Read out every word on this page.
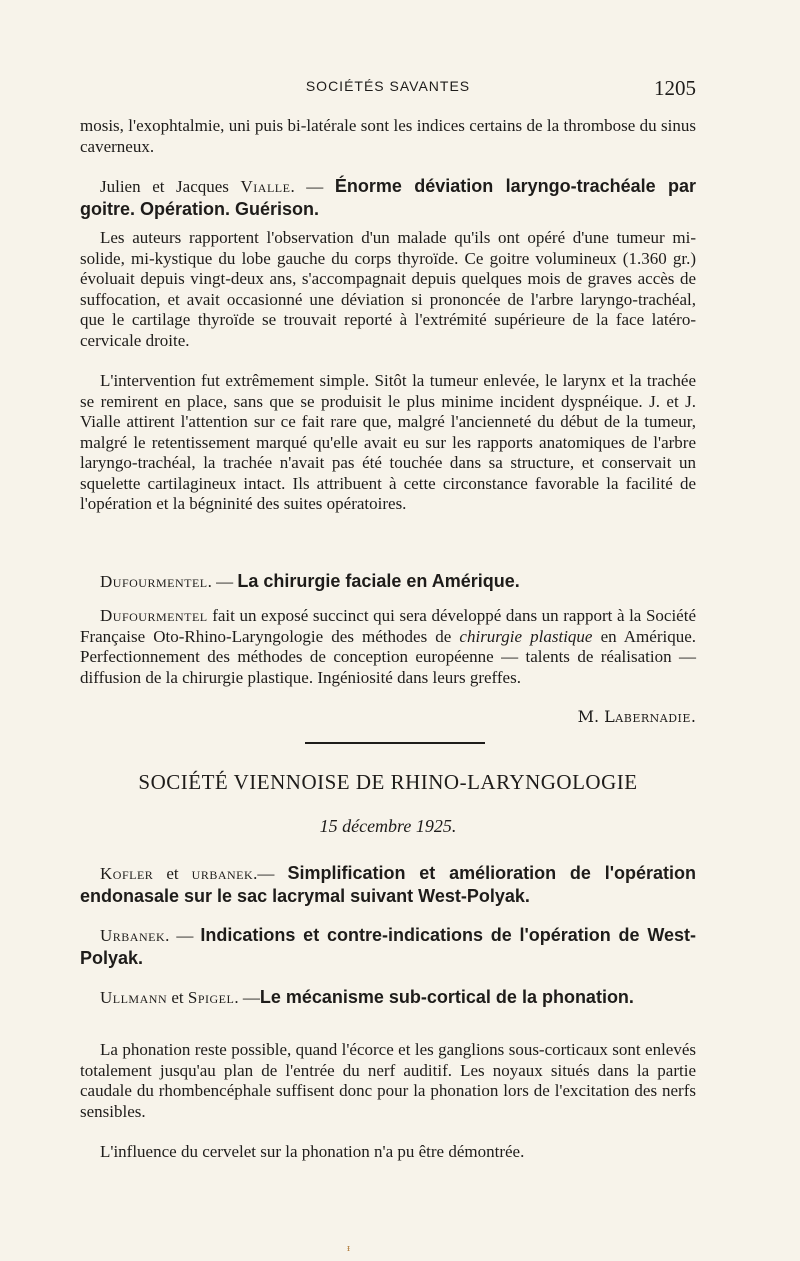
SOCIÉTÉS SAVANTES	1205

mosis, l'exophtalmie, uni puis bi-latérale sont les indices certains de la thrombose du sinus caverneux.

Julien et Jacques Vialle. — Énorme déviation laryngo-trachéale par goitre. Opération. Guérison.

Les auteurs rapportent l'observation d'un malade qu'ils ont opéré d'une tumeur mi-solide, mi-kystique du lobe gauche du corps thyroïde. Ce goitre volumineux (1.360 gr.) évoluait depuis vingt-deux ans, s'accompagnait depuis quelques mois de graves accès de suffocation, et avait occasionné une déviation si prononcée de l'arbre laryngo-trachéal, que le cartilage thyroïde se trouvait reporté à l'extrémité supérieure de la face latéro-cervicale droite.

L'intervention fut extrêmement simple. Sitôt la tumeur enlevée, le larynx et la trachée se remirent en place, sans que se produisit le plus minime incident dyspnéique. J. et J. Vialle attirent l'attention sur ce fait rare que, malgré l'ancienneté du début de la tumeur, malgré le retentissement marqué qu'elle avait eu sur les rapports anatomiques de l'arbre laryngo-trachéal, la trachée n'avait pas été touchée dans sa structure, et conservait un squelette cartilagineux intact. Ils attribuent à cette circonstance favorable la facilité de l'opération et la bégninité des suites opératoires.

Dufourmentel. — La chirurgie faciale en Amérique.

Dufourmentel fait un exposé succinct qui sera développé dans un rapport à la Société Française Oto-Rhino-Laryngologie des méthodes de chirurgie plastique en Amérique. Perfectionnement des méthodes de conception européenne — talents de réalisation — diffusion de la chirurgie plastique. Ingéniosité dans leurs greffes.

M. Labernadie.
SOCIÉTÉ VIENNOISE DE RHINO-LARYNGOLOGIE
15 décembre 1925.

Kofler et urbanek.— Simplification et amélioration de l'opération endonasale sur le sac lacrymal suivant West-Polyak.

Urbanek. — Indications et contre-indications de l'opération de West-Polyak.

Ullmann et Spigel. —Le mécanisme sub-cortical de la phonation.

La phonation reste possible, quand l'écorce et les ganglions sous-corticaux sont enlevés totalement jusqu'au plan de l'entrée du nerf auditif. Les noyaux situés dans la partie caudale du rhombencéphale suffisent donc pour la phonation lors de l'excitation des nerfs sensibles.

L'influence du cervelet sur la phonation n'a pu être démontrée.

ᵻ
